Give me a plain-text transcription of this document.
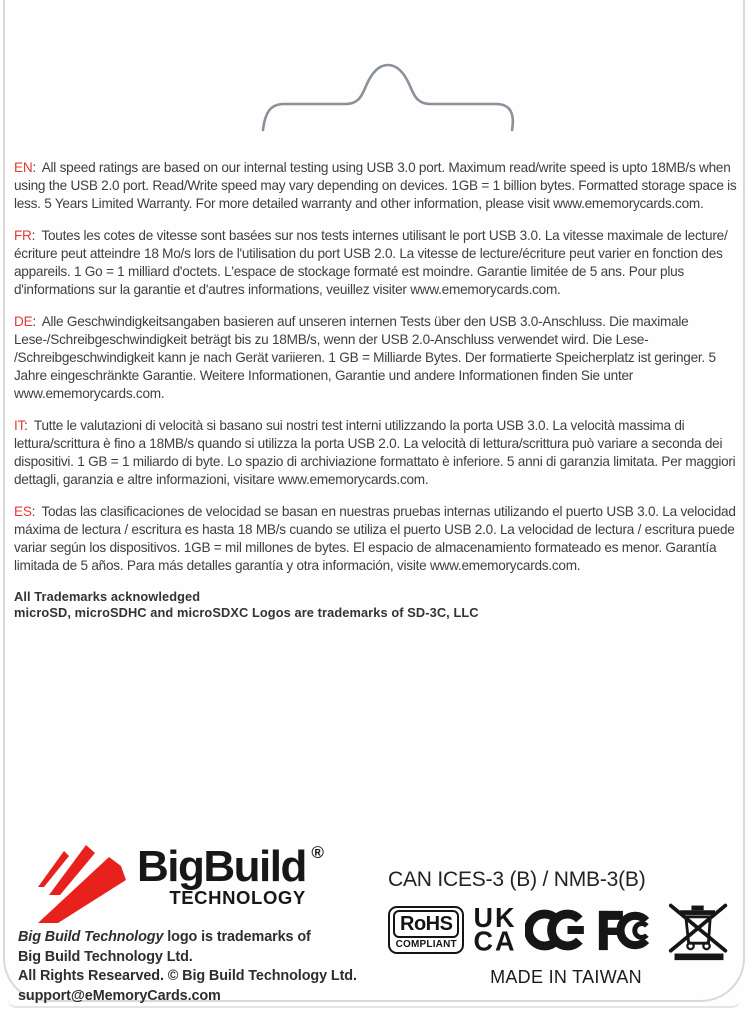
EN: All speed ratings are based on our internal testing using USB 3.0 port. Maximum read/write speed is upto 18MB/s when using the USB 2.0 port. Read/Write speed may vary depending on devices. 1GB = 1 billion bytes. Formatted storage space is less. 5 Years Limited Warranty. For more detailed warranty and other information, please visit www.ememorycards.com.

FR: Toutes les cotes de vitesse sont basées sur nos tests internes utilisant le port USB 3.0. La vitesse maximale de lecture/écriture peut atteindre 18 Mo/s lors de l'utilisation du port USB 2.0. La vitesse de lecture/écriture peut varier en fonction des appareils. 1 Go = 1 milliard d'octets. L'espace de stockage formaté est moindre. Garantie limitée de 5 ans. Pour plus d'informations sur la garantie et d'autres informations, veuillez visiter www.ememorycards.com.

DE: Alle Geschwindigkeitsangaben basieren auf unseren internen Tests über den USB 3.0-Anschluss. Die maximale Lese-/Schreibgeschwindigkeit beträgt bis zu 18MB/s, wenn der USB 2.0-Anschluss verwendet wird. Die Lese- /Schreibgeschwindigkeit kann je nach Gerät variieren. 1 GB = Milliarde Bytes. Der formatierte Speicherplatz ist geringer. 5 Jahre eingeschränkte Garantie. Weitere Informationen, Garantie und andere Informationen finden Sie unter www.ememorycards.com.

IT: Tutte le valutazioni di velocità si basano sui nostri test interni utilizzando la porta USB 3.0. La velocità massima di lettura/scrittura è fino a 18MB/s quando si utilizza la porta USB 2.0. La velocità di lettura/scrittura può variare a seconda dei dispositivi. 1 GB = 1 miliardo di byte. Lo spazio di archiviazione formattato è inferiore. 5 anni di garanzia limitata. Per maggiori dettagli, garanzia e altre informazioni, visitare www.ememorycards.com.

ES: Todas las clasificaciones de velocidad se basan en nuestras pruebas internas utilizando el puerto USB 3.0. La velocidad máxima de lectura / escritura es hasta 18 MB/s cuando se utiliza el puerto USB 2.0. La velocidad de lectura / escritura puede variar según los dispositivos. 1GB = mil millones de bytes. El espacio de almacenamiento formateado es menor. Garantía limitada de 5 años. Para más detalles garantía y otra información, visite www.ememorycards.com.

All Trademarks acknowledged
microSD, microSDHC and microSDXC Logos are trademarks of SD-3C, LLC
BigBuild ®
TECHNOLOGY
Big Build Technology logo is trademarks of
Big Build Technology Ltd.
All Rights Researved. © Big Build Technology Ltd.
support@eMemoryCards.com
CAN ICES-3 (B) / NMB-3(B)
RoHS
COMPLIANT
UK
CA
MADE IN TAIWAN
